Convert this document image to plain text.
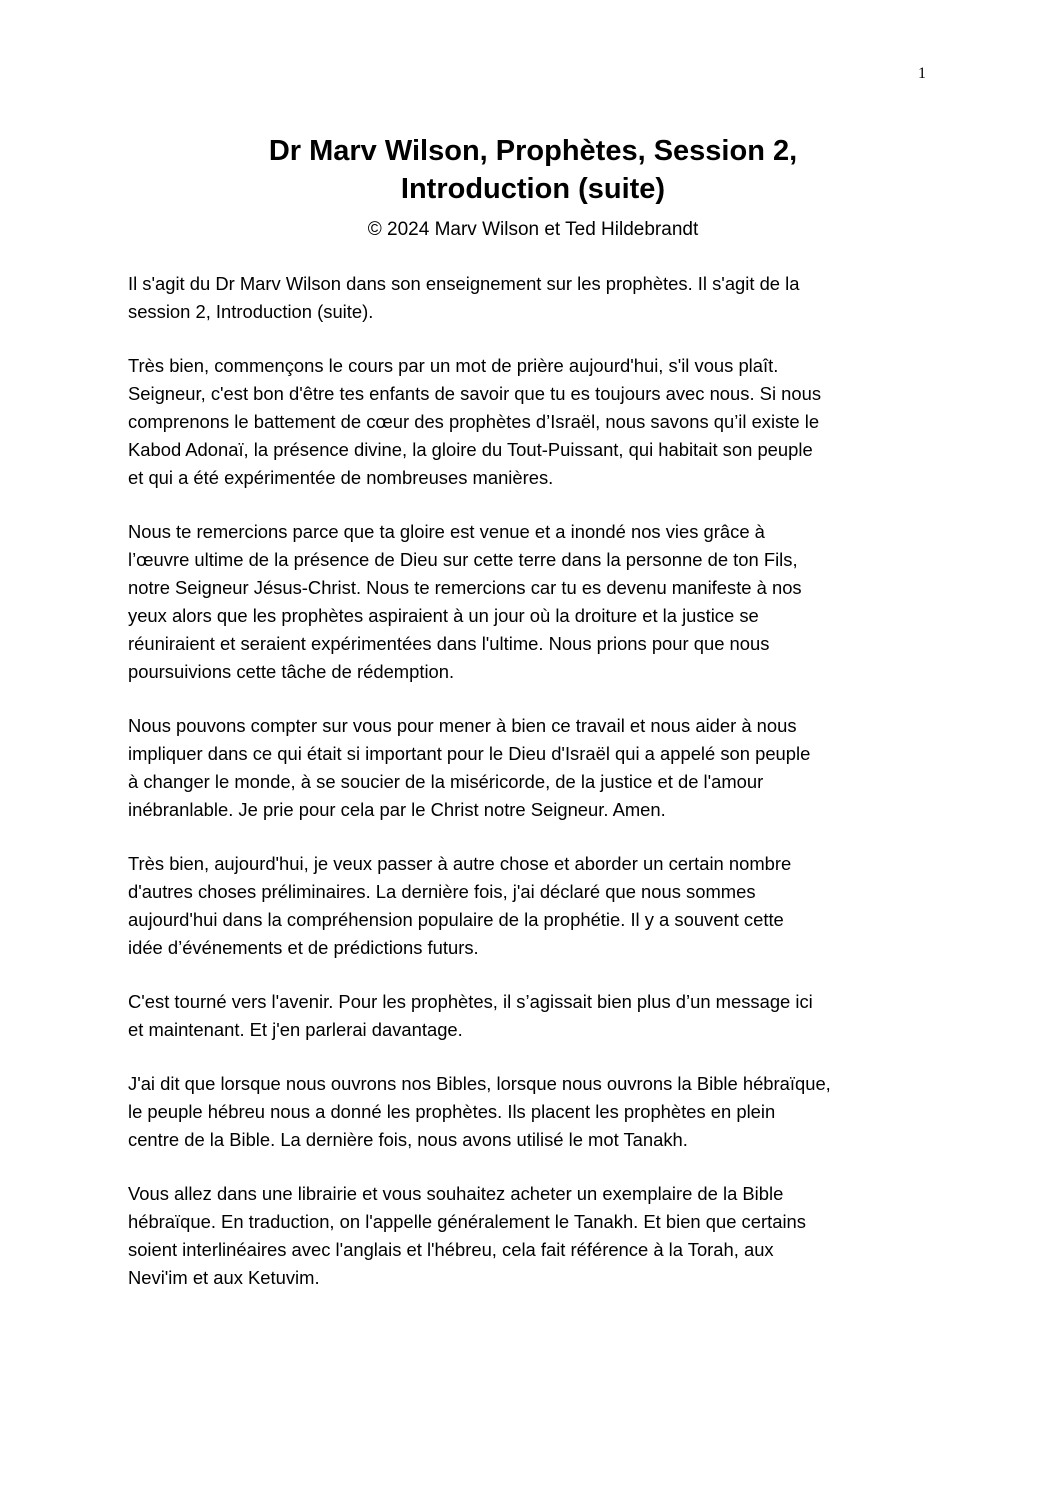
1
Dr Marv Wilson, Prophètes, Session 2,
Introduction (suite)
© 2024 Marv Wilson et Ted Hildebrandt

Il s'agit du Dr Marv Wilson dans son enseignement sur les prophètes. Il s'agit de la
session 2, Introduction (suite).

Très bien, commençons le cours par un mot de prière aujourd'hui, s'il vous plaît.
Seigneur, c'est bon d'être tes enfants de savoir que tu es toujours avec nous. Si nous
comprenons le battement de cœur des prophètes d’Israël, nous savons qu’il existe le
Kabod Adonaï, la présence divine, la gloire du Tout-Puissant, qui habitait son peuple
et qui a été expérimentée de nombreuses manières.

Nous te remercions parce que ta gloire est venue et a inondé nos vies grâce à
l’œuvre ultime de la présence de Dieu sur cette terre dans la personne de ton Fils,
notre Seigneur Jésus-Christ. Nous te remercions car tu es devenu manifeste à nos
yeux alors que les prophètes aspiraient à un jour où la droiture et la justice se
réuniraient et seraient expérimentées dans l'ultime. Nous prions pour que nous
poursuivions cette tâche de rédemption.

Nous pouvons compter sur vous pour mener à bien ce travail et nous aider à nous
impliquer dans ce qui était si important pour le Dieu d'Israël qui a appelé son peuple
à changer le monde, à se soucier de la miséricorde, de la justice et de l'amour
inébranlable. Je prie pour cela par le Christ notre Seigneur. Amen.

Très bien, aujourd'hui, je veux passer à autre chose et aborder un certain nombre
d'autres choses préliminaires. La dernière fois, j'ai déclaré que nous sommes
aujourd'hui dans la compréhension populaire de la prophétie. Il y a souvent cette
idée d’événements et de prédictions futurs.

C'est tourné vers l'avenir. Pour les prophètes, il s’agissait bien plus d’un message ici
et maintenant. Et j'en parlerai davantage.

J'ai dit que lorsque nous ouvrons nos Bibles, lorsque nous ouvrons la Bible hébraïque,
le peuple hébreu nous a donné les prophètes. Ils placent les prophètes en plein
centre de la Bible. La dernière fois, nous avons utilisé le mot Tanakh.

Vous allez dans une librairie et vous souhaitez acheter un exemplaire de la Bible
hébraïque. En traduction, on l'appelle généralement le Tanakh. Et bien que certains
soient interlinéaires avec l'anglais et l'hébreu, cela fait référence à la Torah, aux
Nevi'im et aux Ketuvim.
